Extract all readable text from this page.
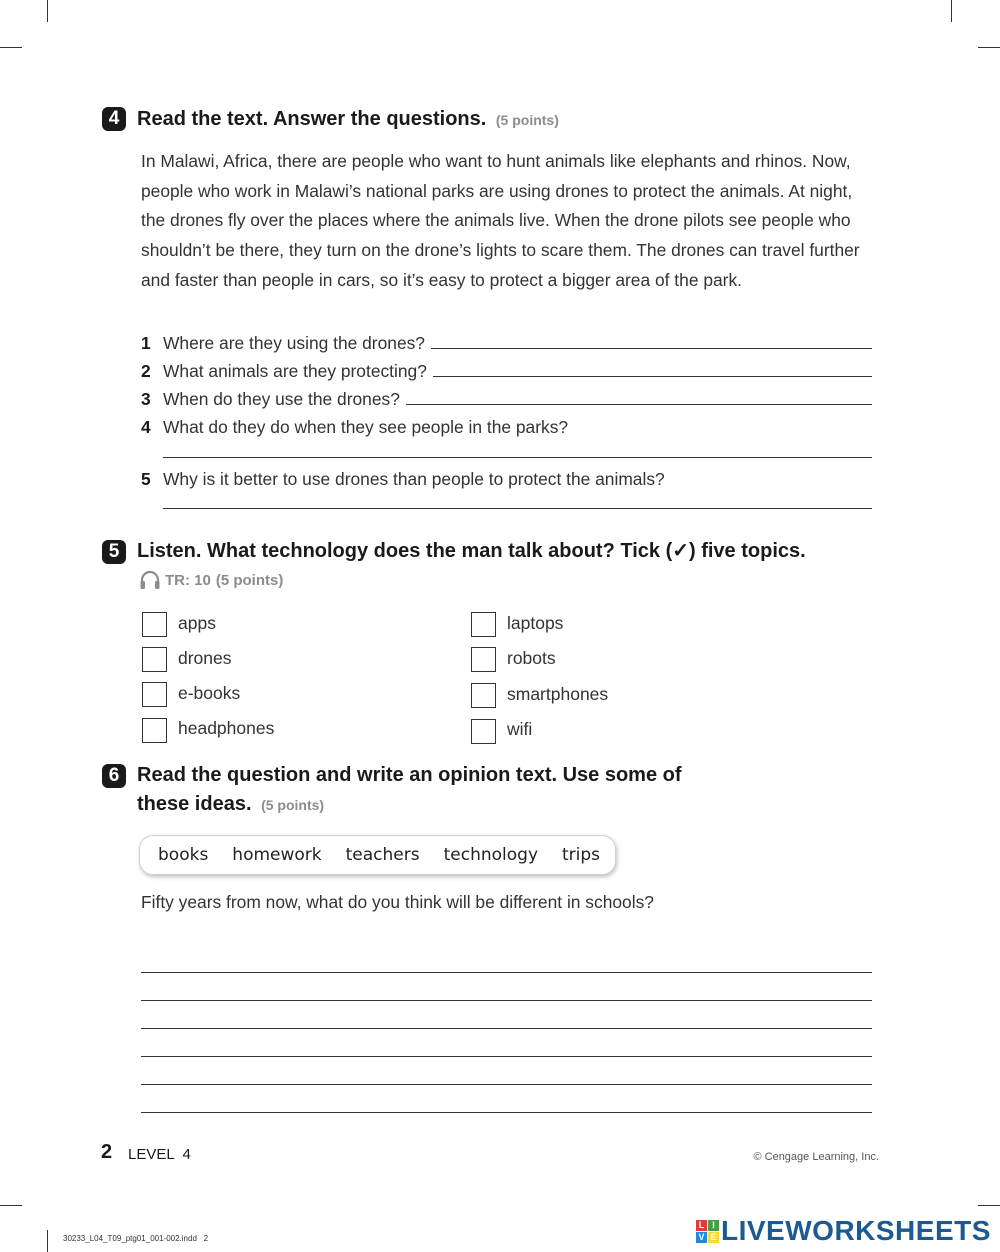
4 Read the text. Answer the questions. (5 points)
In Malawi, Africa, there are people who want to hunt animals like elephants and rhinos. Now, people who work in Malawi’s national parks are using drones to protect the animals. At night, the drones fly over the places where the animals live. When the drone pilots see people who shouldn’t be there, they turn on the drone’s lights to scare them. The drones can travel further and faster than people in cars, so it’s easy to protect a bigger area of the park.
1 Where are they using the drones?
2 What animals are they protecting?
3 When do they use the drones?
4 What do they do when they see people in the parks?
5 Why is it better to use drones than people to protect the animals?
5 Listen. What technology does the man talk about? Tick (✓) five topics.
TR: 10 (5 points)
apps
drones
e-books
headphones
laptops
robots
smartphones
wifi
6 Read the question and write an opinion text. Use some of
these ideas. (5 points)
books homework teachers technology trips
Fifty years from now, what do you think will be different in schools?
2 LEVEL  4	© Cengage Learning, Inc.
30233_L04_T09_ptg01_001-002.indd   2
L I
V E LIVEWORKSHEETS
